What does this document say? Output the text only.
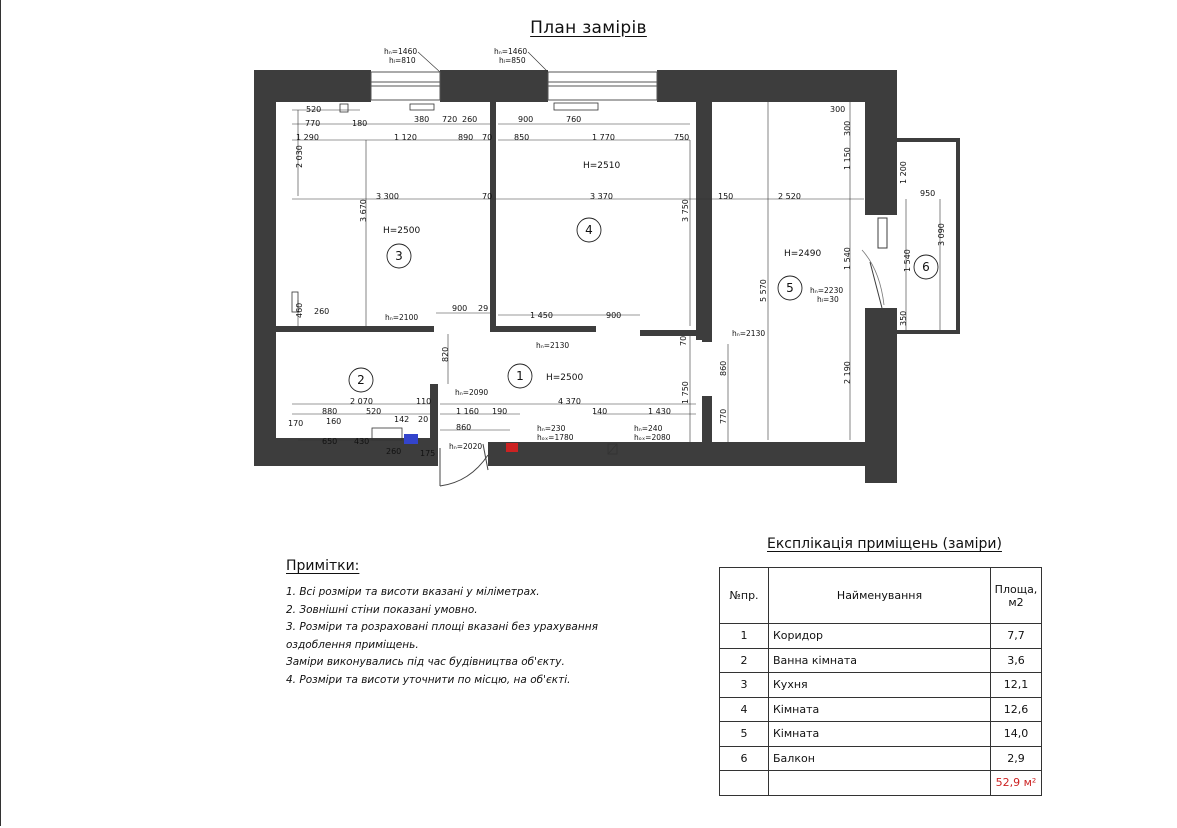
План замірів
520
770	180
1 290
380 720 260
1 120	890 70
900	760
850	1 770	750
300
300
1 150
2 030
3 300	70	3 370	150	2 520
3 670	3 750
1 200
950
3 090
1 540	1 540
5 570
350
2 190
460 260	900 29
1 450	900
820
70
2 070	110	4 370
880	520
142 20
1 160 190	140	1 430
170	160
860
1 750
860
770
650 430
260 175
hₙ=1460
hₗ=810
hₙ=1460
hₗ=850
hₙ=2100
hₙ=2130
hₙ=2130
hₙ=2090
hₙ=2020
hₙ=2230
hₗ=30
hₙ=230
hₒₓ=1780
hₙ=240
hₒₓ=2080
1
2
3
4
5
6
H=2500
H=2500
H=2510
H=2490
Примітки:
1. Всі розміри та висоти вказані у міліметрах.
2. Зовнішні стіни показані умовно.
3. Розміри та розраховані площі вказані без урахування
оздоблення приміщень.
Заміри виконувались під час будівництва об'єкту.
4. Розміри та висоти уточнити по місцю, на об'єкті.
Експлікація приміщень (заміри)
№пр.	Найменування	Площа,
м2
1	Коридор	7,7
2	Ванна кімната	3,6
3	Кухня	12,1
4	Кімната	12,6
5	Кімната	14,0
6	Балкон	2,9
		52,9 м²
